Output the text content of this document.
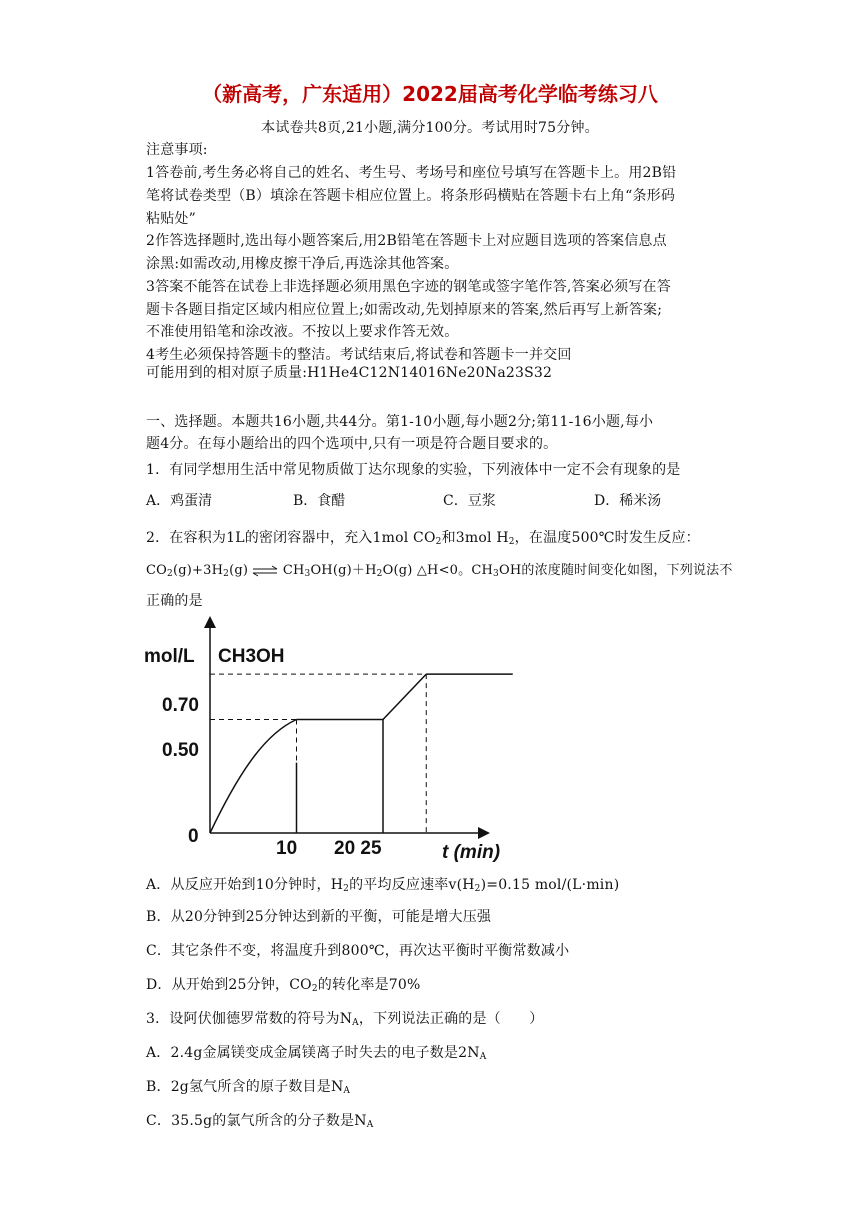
（新高考，广东适用）2022届高考化学临考练习八
本试卷共8页,21小题,满分100分。考试用时75分钟。
注意事项:
1答卷前,考生务必将自己的姓名、考生号、考场号和座位号填写在答题卡上。用2B铅
笔将试卷类型（B）填涂在答题卡相应位置上。将条形码横贴在答题卡右上角“条形码
粘贴处”
2作答选择题时,选出每小题答案后,用2B铅笔在答题卡上对应题目选项的答案信息点
涂黑:如需改动,用橡皮擦干净后,再选涂其他答案。
3答案不能答在试卷上非选择题必须用黑色字迹的钢笔或签字笔作答,答案必须写在答
题卡各题目指定区域内相应位置上;如需改动,先划掉原来的答案,然后再写上新答案;
不准使用铅笔和涂改液。不按以上要求作答无效。
4考生必须保持答题卡的整洁。考试结束后,将试卷和答题卡一并交回
可能用到的相对原子质量:H1He4C12N14016Ne20Na23S32
一、选择题。本题共16小题,共44分。第1-10小题,每小题2分;第11-16小题,每小
题4分。在每小题给出的四个选项中,只有一项是符合题目要求的。
1．有同学想用生活中常见物质做丁达尔现象的实验，下列液体中一定不会有现象的是
A．鸡蛋清	B．食醋	C．豆浆	D．稀米汤
2．在容积为1L的密闭容器中，充入1mol $CO_2$和3mol $H_2$，在温度500℃时发生反应：
$CO_2(g)+3H_2(g)$ ⇌ $CH_3OH(g)+H_2O(g)$ △H<0。$CH_3OH$的浓度随时间变化如图，下列说法不
正确的是
mol/L CH3OH
t (min)
10 20 25
0
0.50
0.70
A．从反应开始到10分钟时，$H_2$的平均反应速率$v(H_2)=0.15$ mol/(L·min)
B．从20分钟到25分钟达到新的平衡，可能是增大压强
C．其它条件不变，将温度升到800℃，再次达平衡时平衡常数减小
D．从开始到25分钟，$CO_2$的转化率是70%
3．设阿伏伽德罗常数的符号为$N_A$，下列说法正确的是（　　）
A．2.4g金属镁变成金属镁离子时失去的电子数是$2N_A$
B．2g氢气所含的原子数目是$N_A$
C．35.5g的氯气所含的分子数是$N_A$
